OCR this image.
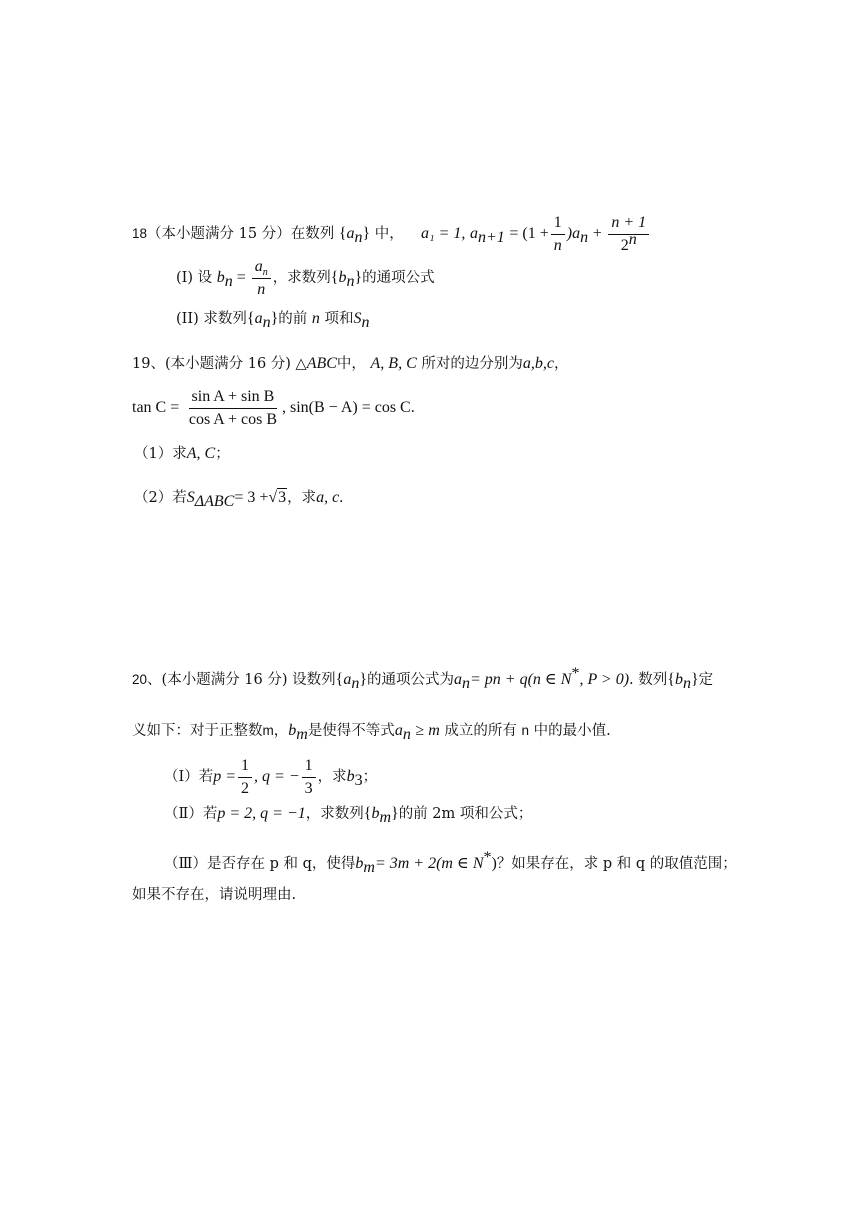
18（本小题满分 15 分）在数列 $\{a_n\}$ 中， a₁ = 1, $a_{n+1} = (1 + \frac{1}{n} )a_n + \frac{n + 1}{2^n}$
(I) 设 $b_n = \frac{a_n}{n}$ ，求数列$\{b_n\}$的通项公式
(II) 求数列$\{a_n\}$的前 n 项和$S_n$
19、(本小题满分 16 分) △ABC中， A, B, C 所对的边分别为a,b,c，
$\tan C = \frac{\text{sin A + sin B}}{\text{cos A + cos B}}$ , sin(B − A) = cos C.
（1）求A, C；
（2）若$S_{\Delta ABC}= 3 +√3$，求a, c.
20、(本小题满分 16 分) 设数列$\{a_n\}$的通项公式为$a_n=$ pn + q(n ∈ N*, P > 0). 数列$\{b_n\}$定
义如下：对于正整数m，$b_m$是使得不等式$a_n \ge m$ 成立的所有 n 中的最小值.
（Ⅰ）若$p = \frac{1}{2}$ , q = − $\frac{1}{3}$ ，求$b_3$；
（Ⅱ）若p = 2, q = −1，求数列$\{b_m\}$的前 2m 项和公式；
（Ⅲ）是否存在 p 和 q，使得$b_m= 3m + 2(m$ ∈ N*)？如果存在，求 p 和 q 的取值范围；
如果不存在，请说明理由.
